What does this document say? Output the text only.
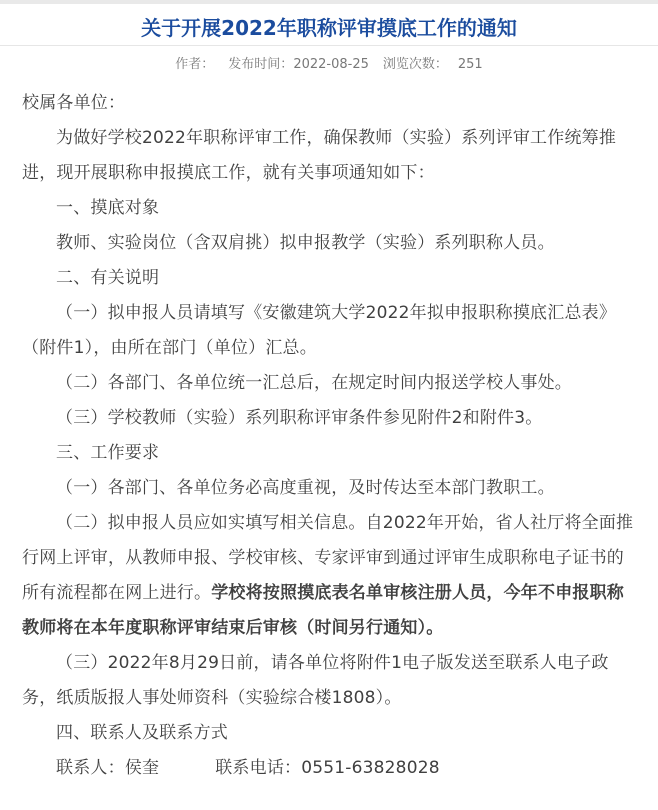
关于开展2022年职称评审摸底工作的通知
作者： 发布时间：2022-08-25 浏览次数： 251

校属各单位：

为做好学校2022年职称评审工作，确保教师（实验）系列评审工作统筹推进，现开展职称申报摸底工作，就有关事项通知如下：

一、摸底对象

教师、实验岗位（含双肩挑）拟申报教学（实验）系列职称人员。

二、有关说明

（一）拟申报人员请填写《安徽建筑大学2022年拟申报职称摸底汇总表》（附件1），由所在部门（单位）汇总。

（二）各部门、各单位统一汇总后，在规定时间内报送学校人事处。

（三）学校教师（实验）系列职称评审条件参见附件2和附件3。

三、工作要求

（一）各部门、各单位务必高度重视，及时传达至本部门教职工。

（二）拟申报人员应如实填写相关信息。自2022年开始，省人社厅将全面推行网上评审，从教师申报、学校审核、专家评审到通过评审生成职称电子证书的所有流程都在网上进行。学校将按照摸底表名单审核注册人员，今年不申报职称教师将在本年度职称评审结束后审核（时间另行通知）。

（三）2022年8月29日前，请各单位将附件1电子版发送至联系人电子政务，纸质版报人事处师资科（实验综合楼1808）。

四、联系人及联系方式

联系人：侯奎	联系电话：0551-63828028
